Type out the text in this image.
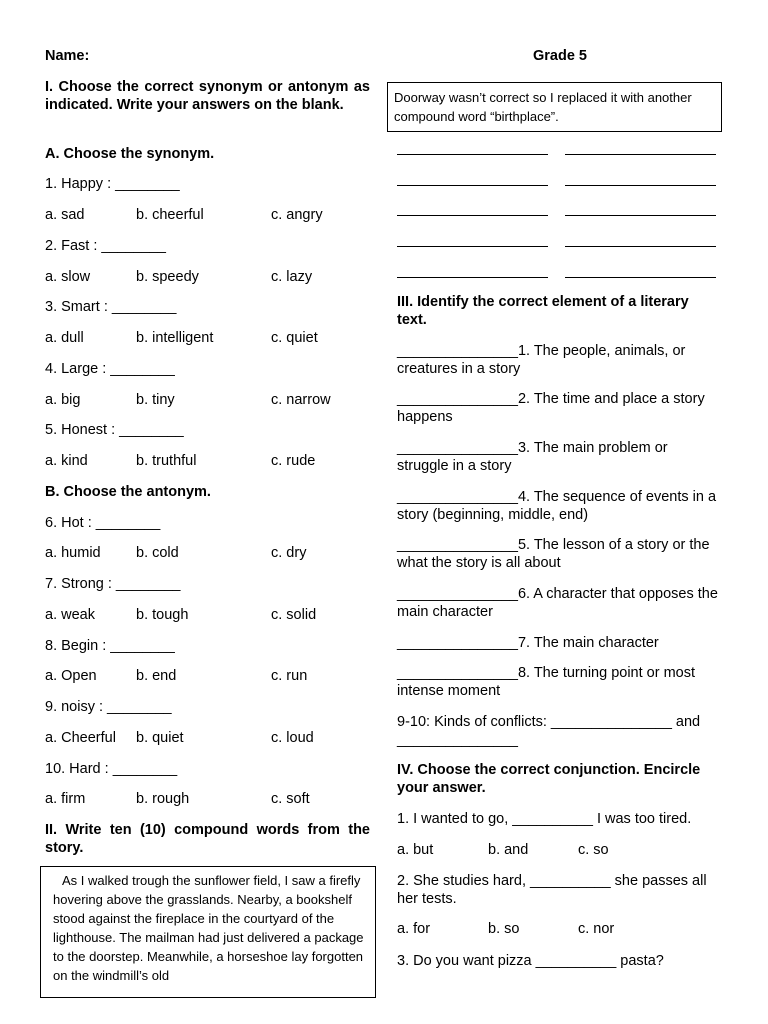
Name:	Grade 5
I. Choose the correct synonym or antonym as indicated. Write your answers on the blank.
A. Choose the synonym.
B. Choose the antonym.
1. Happy : ________
a. sad	b. cheerful	c. angry
2. Fast : ________
a. slow	b. speedy	c. lazy
3. Smart : ________
a. dull	b. intelligent	c. quiet
4. Large : ________
a. big	b. tiny	c. narrow
5. Honest : ________
a. kind	b. truthful	c. rude
6. Hot : ________
a. humid b. cold	c. dry
7. Strong : ________
a. weak	b. tough	c. solid
8. Begin : ________
a. Open	b. end	c. run
9. noisy : ________
a. Cheerful b. quiet	c. loud
10. Hard : ________
a. firm	b. rough	c. soft
II. Write ten (10) compound words from the story.
As I walked trough the sunflower field, I saw a firefly hovering above the grasslands. Nearby, a bookshelf stood against the fireplace in the courtyard of the lighthouse. The mailman had just delivered a package to the doorstep. Meanwhile, a horseshoe lay forgotten on the windmill’s old
Doorway wasn’t correct so I replaced it with another compound word “birthplace”.
III. Identify the correct element of a literary text.
_______________1. The people, animals, or creatures in a story
_______________2. The time and place a story happens
_______________3. The main problem or struggle in a story
_______________4. The sequence of events in a story (beginning, middle, end)
_______________5. The lesson of a story or the what the story is all about
_______________6. A character that opposes the main character
_______________7. The main character
_______________8. The turning point or most intense moment
9-10: Kinds of conflicts: _______________ and _______________
IV. Choose the correct conjunction. Encircle your answer.
1. I wanted to go, __________ I was too tired.
a. but	b. and	c. so
2. She studies hard, __________ she passes all her tests.
a. for	b. so	c. nor
3. Do you want pizza __________ pasta?
